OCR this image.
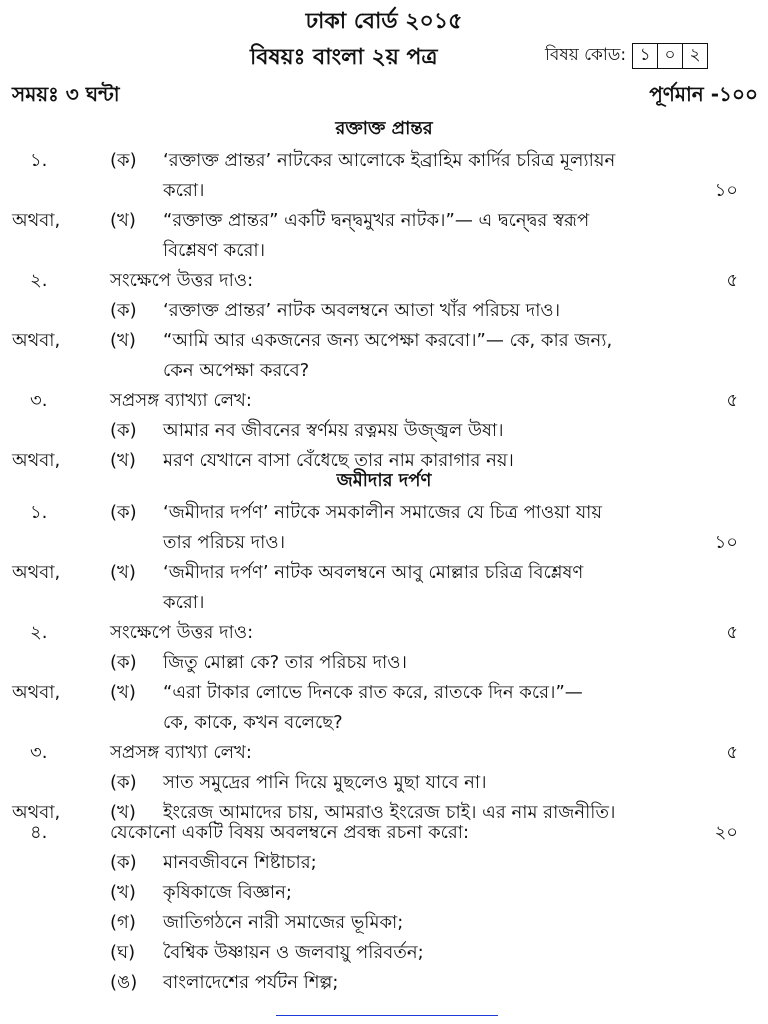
ঢাকা বোর্ড ২০১৫
বিষয়ঃ বাংলা ২য় পত্র	বিষয় কোড: ১ ০ ২
সময়ঃ ৩ ঘন্টা	পূর্ণমান -১০০
রক্তাক্ত প্রান্তর
১.	(ক) ‘রক্তাক্ত প্রান্তর’ নাটকের আলোকে ইব্রাহিম কার্দির চরিত্র মূল্যায়ন
করো।	১০
অথবা,	(খ) “রক্তাক্ত প্রান্তর” একটি দ্বন্দ্বমুখর নাটক।”— এ দ্বন্দ্বের স্বরূপ
বিশ্লেষণ করো।
২.	সংক্ষেপে উত্তর দাও:	৫
(ক) ‘রক্তাক্ত প্রান্তর’ নাটক অবলম্বনে আতা খাঁর পরিচয় দাও।
অথবা,	(খ) “আমি আর একজনের জন্য অপেক্ষা করবো।”— কে, কার জন্য,
কেন অপেক্ষা করবে?
৩.	সপ্রসঙ্গ ব্যাখ্যা লেখ:	৫
(ক) আমার নব জীবনের স্বর্ণময় রত্নময় উজ্জ্বল উষা।
অথবা,	(খ) মরণ যেখানে বাসা বেঁধেছে তার নাম কারাগার নয়।
জমীদার দর্পণ
১.	(ক) ‘জমীদার দর্পণ’ নাটকে সমকালীন সমাজের যে চিত্র পাওয়া যায়
তার পরিচয় দাও।	১০
অথবা,	(খ) ‘জমীদার দর্পণ’ নাটক অবলম্বনে আবু মোল্লার চরিত্র বিশ্লেষণ
করো।
২.	সংক্ষেপে উত্তর দাও:	৫
(ক) জিতু মোল্লা কে? তার পরিচয় দাও।
অথবা,	(খ) “এরা টাকার লোভে দিনকে রাত করে, রাতকে দিন করে।”—
কে, কাকে, কখন বলেছে?
৩.	সপ্রসঙ্গ ব্যাখ্যা লেখ:	৫
(ক) সাত সমুদ্রের পানি দিয়ে মুছলেও মুছা যাবে না।
অথবা,	(খ) ইংরেজ আমাদের চায়, আমরাও ইংরেজ চাই। এর নাম রাজনীতি।
৪.	যেকোনো একটি বিষয় অবলম্বনে প্রবন্ধ রচনা করো:	২০
(ক) মানবজীবনে শিষ্টাচার;
(খ) কৃষিকাজে বিজ্ঞান;
(গ) জাতিগঠনে নারী সমাজের ভূমিকা;
(ঘ) বৈশ্বিক উষ্ণায়ন ও জলবায়ু পরিবর্তন;
(ঙ) বাংলাদেশের পর্যটন শিল্প;
